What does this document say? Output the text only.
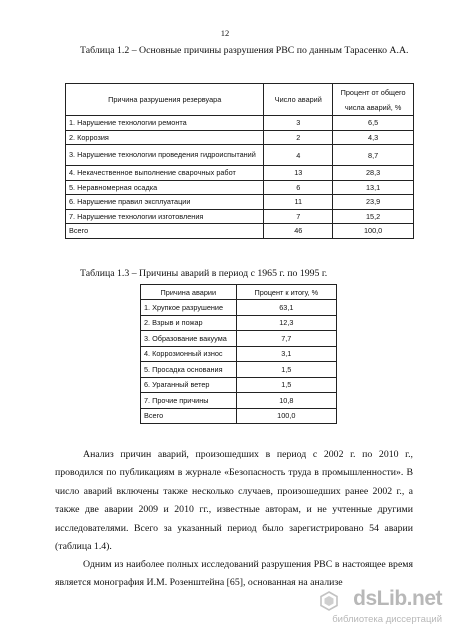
12
Таблица 1.2 – Основные причины разрушения РВС по данным Тарасенко А.А.
Причина разрушения резервуара	Число аварий	Процент от общего числа аварий, %
1. Нарушение технологии ремонта	3	6,5
2. Коррозия	2	4,3
3. Нарушение технологии проведения гидроиспытаний	4	8,7
4. Некачественное выполнение сварочных работ	13	28,3
5. Неравномерная осадка	6	13,1
6. Нарушение правил эксплуатации	11	23,9
7. Нарушение технологии изготовления	7	15,2
Всего	46	100,0
Таблица 1.3 – Причины аварий в период с 1965 г. по 1995 г.
Причина аварии	Процент к итогу, %
1. Хрупкое разрушение	63,1
2. Взрыв и пожар	12,3
3. Образование вакуума	7,7
4. Коррозионный износ	3,1
5. Просадка основания	1,5
6. Ураганный ветер	1,5
7. Прочие причины	10,8
Всего	100,0

Анализ причин аварий, произошедших в период с 2002 г. по 2010 г., проводился по публикациям в журнале «Безопасность труда в промышленности». В число аварий включены также несколько случаев, произошедших ранее 2002 г., а также две аварии 2009 и 2010 гг., известные авторам, и не учтенные другими исследователями. Всего за указанный период было зарегистрировано 54 аварии (таблица 1.4).

Одним из наиболее полных исследований разрушения РВС в настоящее время является монография И.М. Розенштейна [65], основанная на анализе

dsLib.net
библиотека диссертаций
